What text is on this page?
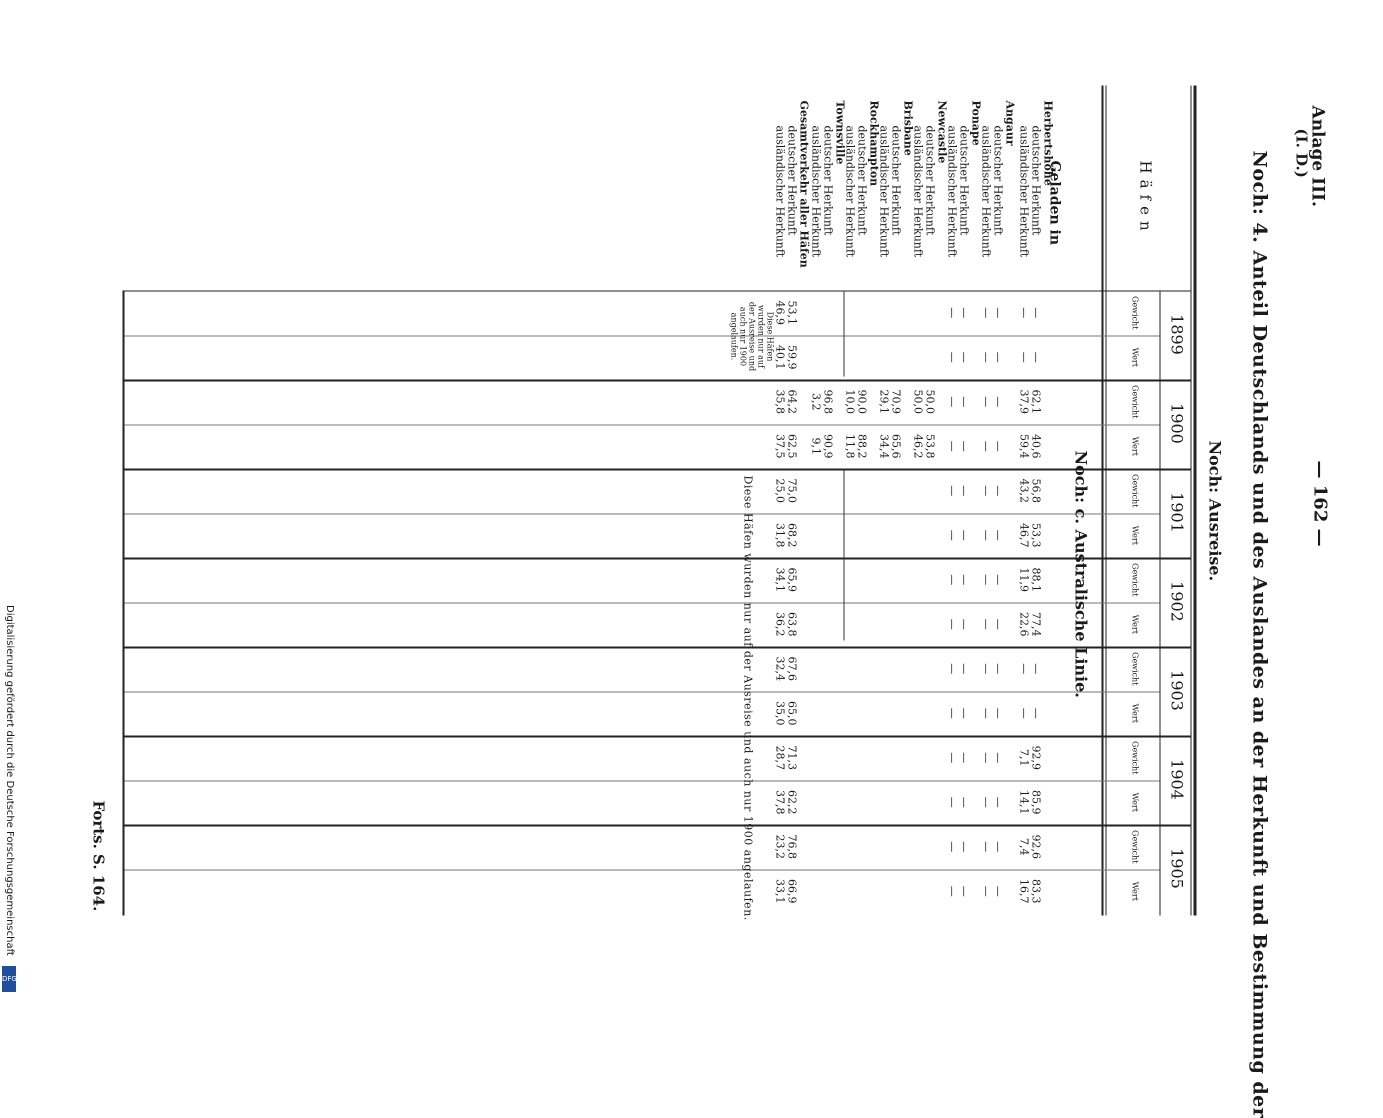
Anlage III.
(I. D.)
— 162 —
Noch: 4. Anteil Deutschlands und des Auslandes an der Herkunft und Bestimmung der
Noch: Ausreise.
Häfen
1899
1900
1901
1902
1903
1904
1905
Gewicht
Wert
Gewicht
Wert
Gewicht
Wert
Gewicht
Wert
Gewicht
Wert
Gewicht
Wert
Gewicht
Wert
Noch: c. Australische Linie.
Geladen in
Herbertshöhe
deutscher Herkunft
—
—
62,1
40,6
56,8
53,3
88,1
77,4
—
—
92,9
85,9
92,6
83,3
ausländischer Herkunft
—
—
37,9
59,4
43,2
46,7
11,9
22,6
—
—
7,1
14,1
7,4
16,7
Angaur
deutscher Herkunft
—
—
—
—
—
—
—
—
—
—
—
—
—
—
ausländischer Herkunft
—
—
—
—
—
—
—
—
—
—
—
—
—
—
Ponape
deutscher Herkunft
—
—
—
—
—
—
—
—
—
—
—
—
—
—
ausländischer Herkunft
—
—
—
—
—
—
—
—
—
—
—
—
—
—
Newcastle
deutscher Herkunft
50,0
53,8
ausländischer Herkunft
50,0
46,2
Brisbane
deutscher Herkunft
70,9
65,6
ausländischer Herkunft
29,1
34,4
Rockhampton
deutscher Herkunft
90,0
88,2
ausländischer Herkunft
10,0
11,8
Townsville
deutscher Herkunft
96,8
90,9
ausländischer Herkunft
3,2
9,1
Gesamtverkehr aller Häfen
deutscher Herkunft
53,1
59,9
64,2
62,5
75,0
68,2
65,9
63,8
67,6
65,0
71,3
62,2
76,8
66,9
ausländischer Herkunft
46,9
40,1
35,8
37,5
25,0
31,8
34,1
36,2
32,4
35,0
28,7
37,8
23,2
33,1
Diese Häfen wurden nur auf der Ausreise und auch nur 1900 angelaufen.
Diese Häfen wurden nur auf der Ausreise und auch nur 1900 angelaufen.
Forts. S. 164.
Digitalisierung gefördert durch die Deutsche Forschungsgemeinschaft
DFG
